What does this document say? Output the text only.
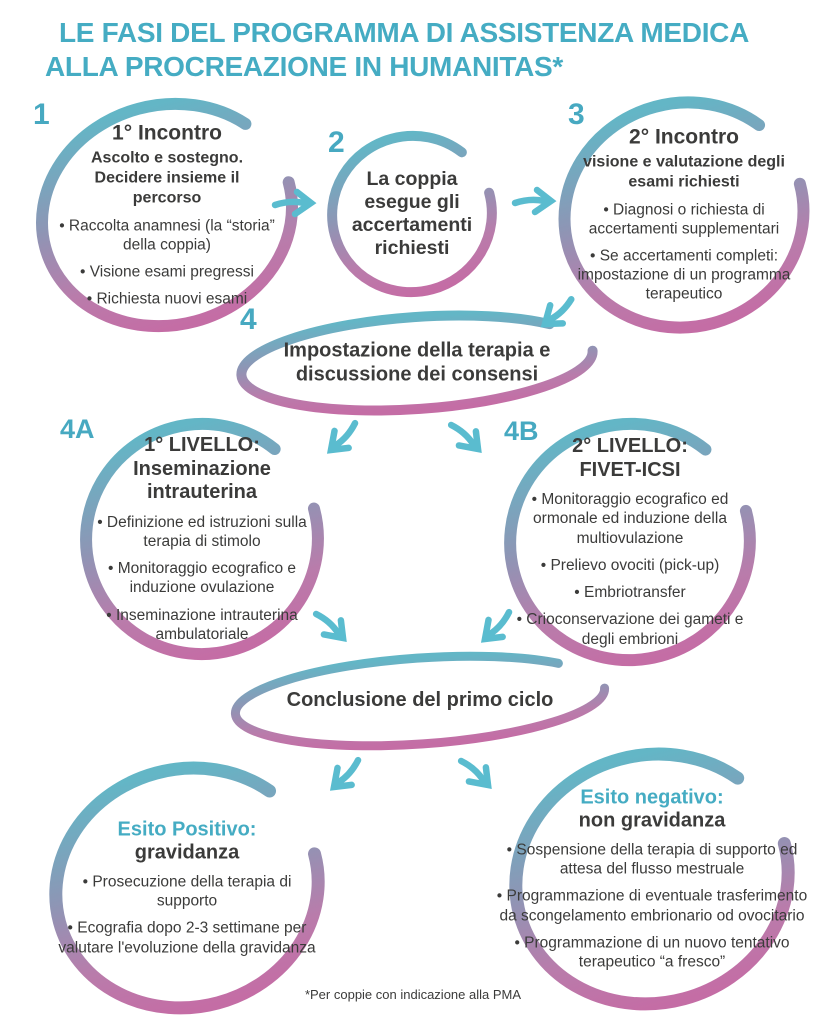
LE FASI DEL PROGRAMMA DI ASSISTENZA MEDICA
ALLA PROCREAZIONE IN HUMANITAS*
1
2
3
4
4A	4B
1° Incontro
Ascolto e sostegno. Decidere insieme il percorso
• Raccolta anamnesi (la “storia” della coppia)
• Visione esami pregressi
• Richiesta nuovi esami
La coppia esegue gli accertamenti richiesti
2° Incontro
visione e valutazione degli esami richiesti
• Diagnosi o richiesta di accertamenti supplementari
• Se accertamenti completi: impostazione di un programma terapeutico
Impostazione della terapia e discussione dei consensi
1° LIVELLO: Inseminazione intrauterina
• Definizione ed istruzioni sulla terapia di stimolo
• Monitoraggio ecografico e induzione ovulazione
• Inseminazione intrauterina ambulatoriale
2° LIVELLO: FIVET-ICSI
• Monitoraggio ecografico ed ormonale ed induzione della multiovulazione
• Prelievo ovociti (pick-up)
• Embriotransfer
• Crioconservazione dei gameti e degli embrioni
Conclusione del primo ciclo
Esito Positivo:
gravidanza
• Prosecuzione della terapia di supporto
• Ecografia dopo 2-3 settimane per valutare l'evoluzione della gravidanza
Esito negativo:
non gravidanza
• Sospensione della terapia di supporto ed attesa del flusso mestruale
• Programmazione di eventuale trasferimento da scongelamento embrionario od ovocitario
• Programmazione di un nuovo tentativo terapeutico “a fresco”
*Per coppie con indicazione alla PMA
